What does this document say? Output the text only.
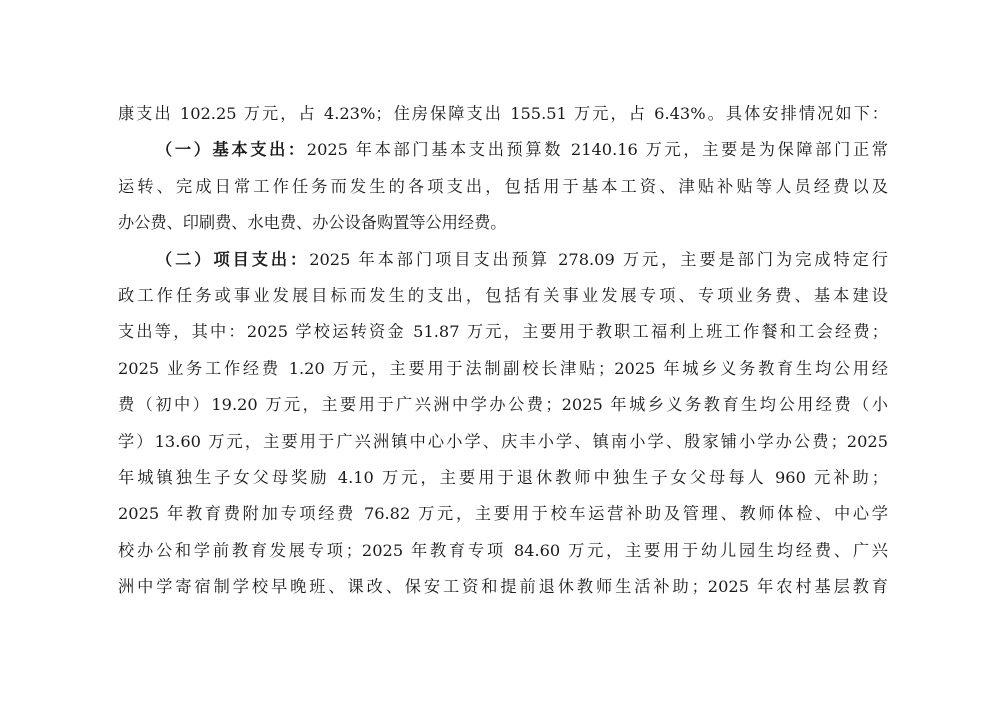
康支出 102.25 万元，占 4.23%；住房保障支出 155.51 万元，占 6.43%。具体安排情况如下：
（一）基本支出：2025 年本部门基本支出预算数 2140.16 万元，主要是为保障部门正常
运转、完成日常工作任务而发生的各项支出，包括用于基本工资、津贴补贴等人员经费以及
办公费、印刷费、水电费、办公设备购置等公用经费。
（二）项目支出：2025 年本部门项目支出预算 278.09 万元，主要是部门为完成特定行
政工作任务或事业发展目标而发生的支出，包括有关事业发展专项、专项业务费、基本建设
支出等，其中：2025 学校运转资金 51.87 万元，主要用于教职工福利上班工作餐和工会经费；
2025 业务工作经费 1.20 万元，主要用于法制副校长津贴；2025 年城乡义务教育生均公用经
费（初中）19.20 万元，主要用于广兴洲中学办公费；2025 年城乡义务教育生均公用经费（小
学）13.60 万元，主要用于广兴洲镇中心小学、庆丰小学、镇南小学、殷家铺小学办公费；2025
年城镇独生子女父母奖励 4.10 万元，主要用于退休教师中独生子女父母每人 960 元补助；
2025 年教育费附加专项经费 76.82 万元，主要用于校车运营补助及管理、教师体检、中心学
校办公和学前教育发展专项；2025 年教育专项 84.60 万元，主要用于幼儿园生均经费、广兴
洲中学寄宿制学校早晚班、课改、保安工资和提前退休教师生活补助；2025 年农村基层教育
